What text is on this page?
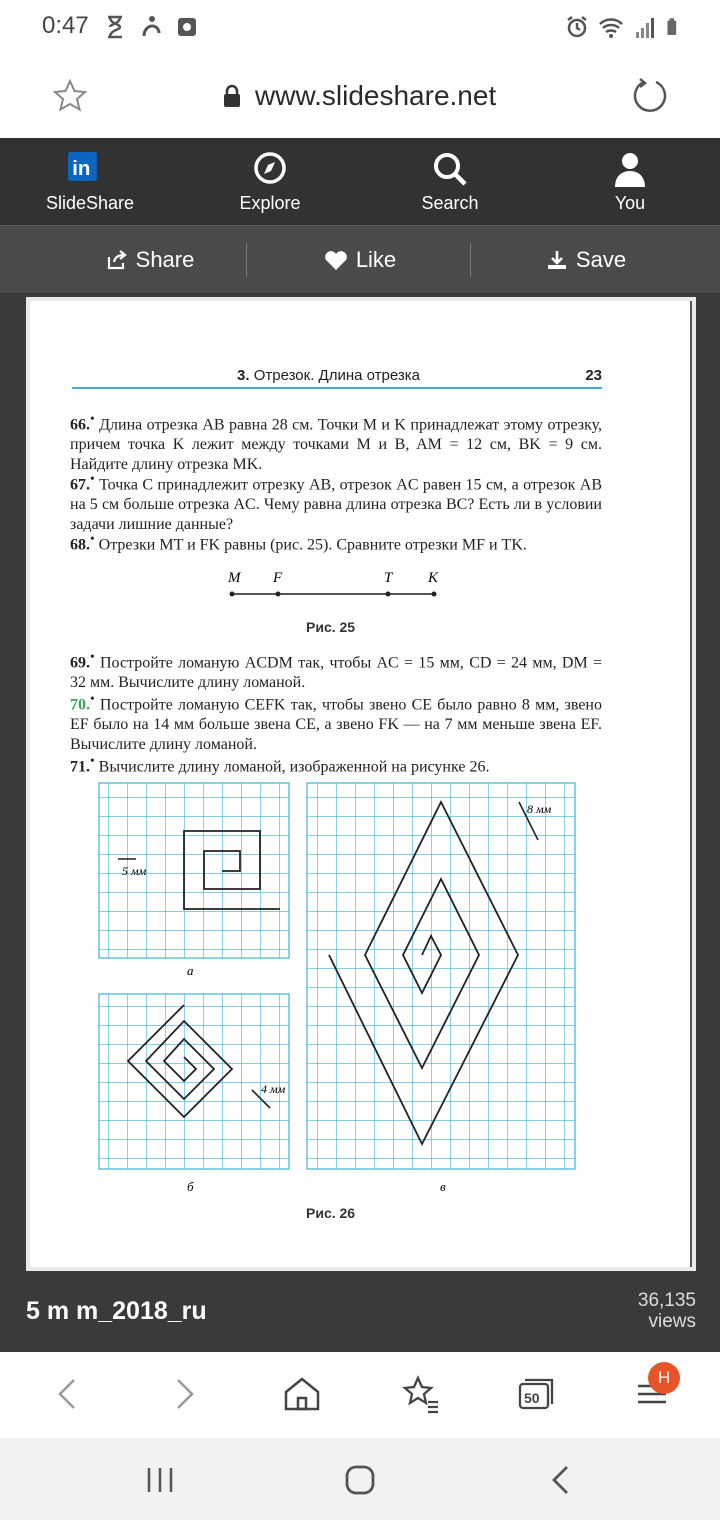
0:47
www.slideshare.net
in
SlideShare	Explore	Search	You
Share	Like	Save
3. Отрезок. Длина отрезка	23
66.• Длина отрезка AB равна 28 см. Точки M и K принадлежат этому отрезку, причем точка K лежит между точками M и B, AM = 12 см, BK = 9 см. Найдите длину отрезка MK.
67.• Точка C принадлежит отрезку AB, отрезок AC равен 15 см, а отрезок AB на 5 см больше отрезка AC. Чему равна длина отрезка BC? Есть ли в условии задачи лишние данные?
68.• Отрезки MT и FK равны (рис. 25). Сравните отрезки MF и TK.
M F	T K
Рис. 25
69.• Постройте ломаную ACDM так, чтобы AC = 15 мм, CD = 24 мм, DM = 32 мм. Вычислите длину ломаной.
70.• Постройте ломаную CEFK так, чтобы звено CE было равно 8 мм, звено EF было на 14 мм больше звена CE, а звено FK — на 7 мм меньше звена EF. Вычислите длину ломаной.
71.• Вычислите длину ломаной, изображенной на рисунке 26.
5 мм
4 мм
8 мм
а
б	в
Рис. 26
5 m m_2018_ru	36,135
views
50
H
